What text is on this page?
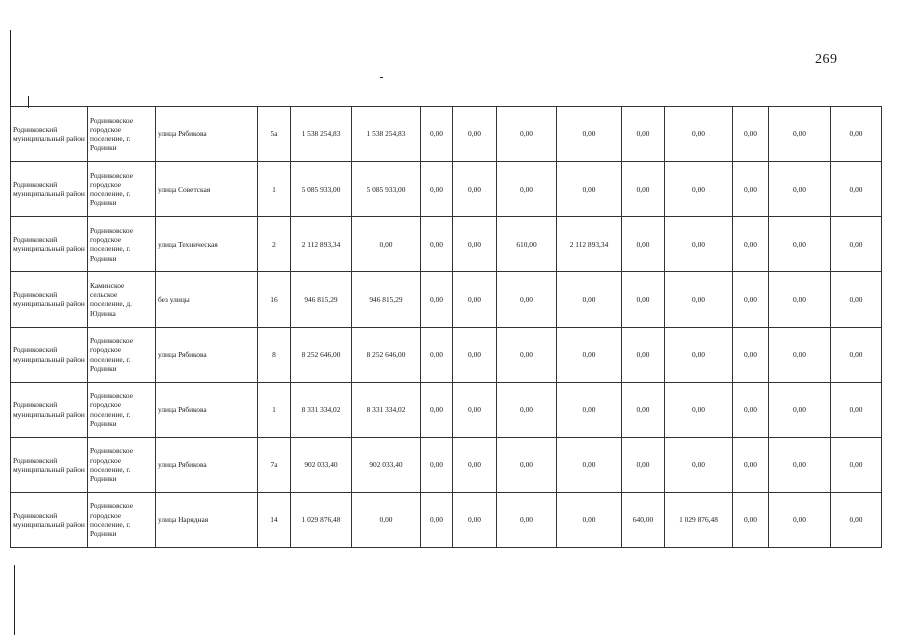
269
Родниковский муниципальный район	Родниковское городское поселение, г. Родники	улица Рябикова	5а	1 538 254,83	1 538 254,83	0,00	0,00	0,00	0,00	0,00	0,00	0,00	0,00	0,00
Родниковский муниципальный район	Родниковское городское поселение, г. Родники	улица Советская	1	5 085 933,00	5 085 933,00	0,00	0,00	0,00	0,00	0,00	0,00	0,00	0,00	0,00
Родниковский муниципальный район	Родниковское городское поселение, г. Родники	улица Техническая	2	2 112 893,34	0,00	0,00	0,00	610,00	2 112 893,34	0,00	0,00	0,00	0,00	0,00
Родниковский муниципальный район	Каминское сельское поселение, д. Юдинка	без улицы	16	946 815,29	946 815,29	0,00	0,00	0,00	0,00	0,00	0,00	0,00	0,00	0,00
Родниковский муниципальный район	Родниковское городское поселение, г. Родники	улица Рябикова	8	8 252 646,00	8 252 646,00	0,00	0,00	0,00	0,00	0,00	0,00	0,00	0,00	0,00
Родниковский муниципальный район	Родниковское городское поселение, г. Родники	улица Рябикова	1	8 331 334,02	8 331 334,02	0,00	0,00	0,00	0,00	0,00	0,00	0,00	0,00	0,00
Родниковский муниципальный район	Родниковское городское поселение, г. Родники	улица Рябикова	7а	902 033,40	902 033,40	0,00	0,00	0,00	0,00	0,00	0,00	0,00	0,00	0,00
Родниковский муниципальный район	Родниковское городское поселение, г. Родники	улица Нарядная	14	1 029 876,48	0,00	0,00	0,00	0,00	0,00	640,00	1 029 876,48	0,00	0,00	0,00
